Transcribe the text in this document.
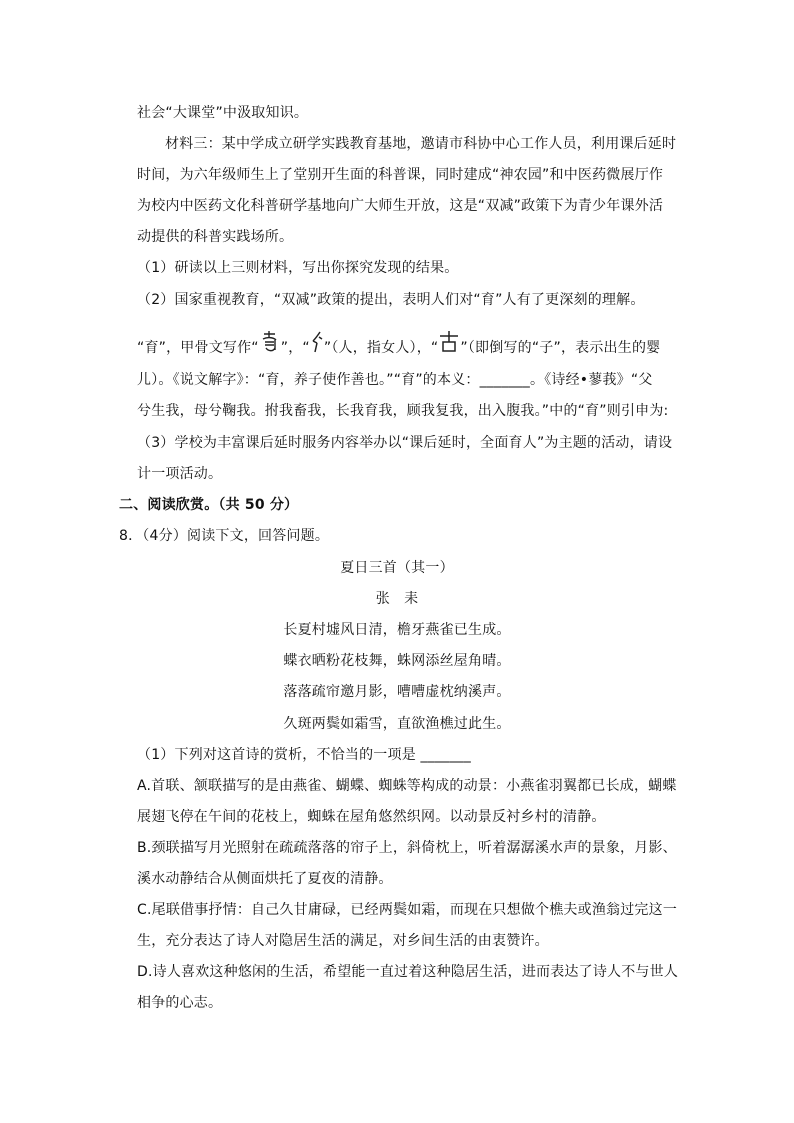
社会“大课堂”中汲取知识。
材料三：某中学成立研学实践教育基地，邀请市科协中心工作人员，利用课后延时
时间，为六年级师生上了堂别开生面的科普课，同时建成“神农园”和中医药微展厅作
为校内中医药文化科普研学基地向广大师生开放，这是“双减”政策下为青少年课外活
动提供的科普实践场所。
（1）研读以上三则材料，写出你探究发现的结果。
（2）国家重视教育，“双减”政策的提出，表明人们对“育”人有了更深刻的理解。
“育”，甲骨文写作“ ”，“ ”（人，指女人），“ ”（即倒写的“子”，表示出生的婴
儿）。《说文解字》：“育，养子使作善也。”“育”的本义：_______。《诗经•蓼莪》“父
兮生我，母兮鞠我。拊我畜我，长我育我，顾我复我，出入腹我。”中的“育”则引申为:
（3）学校为丰富课后延时服务内容举办以“课后延时，全面育人”为主题的活动，请设
计一项活动。
二、阅读欣赏。（共 50 分）
8．（4分）阅读下文，回答问题。
夏日三首（其一）
张　耒
长夏村墟风日清，檐牙燕雀已生成。
蝶衣晒粉花枝舞，蛛网添丝屋角晴。
落落疏帘邀月影，嘈嘈虚枕纳溪声。
久斑两鬓如霜雪，直欲渔樵过此生。
（1）下列对这首诗的赏析，不恰当的一项是 _______
A.首联、颔联描写的是由燕雀、蝴蝶、蜘蛛等构成的动景：小燕雀羽翼都已长成，蝴蝶
展翅飞停在午间的花枝上，蜘蛛在屋角悠然织网。以动景反衬乡村的清静。
B.颈联描写月光照射在疏疏落落的帘子上，斜倚枕上，听着潺潺溪水声的景象，月影、
溪水动静结合从侧面烘托了夏夜的清静。
C.尾联借事抒情：自己久甘庸碌，已经两鬓如霜，而现在只想做个樵夫或渔翁过完这一
生，充分表达了诗人对隐居生活的满足，对乡间生活的由衷赞许。
D.诗人喜欢这种悠闲的生活，希望能一直过着这种隐居生活，进而表达了诗人不与世人
相争的心志。
